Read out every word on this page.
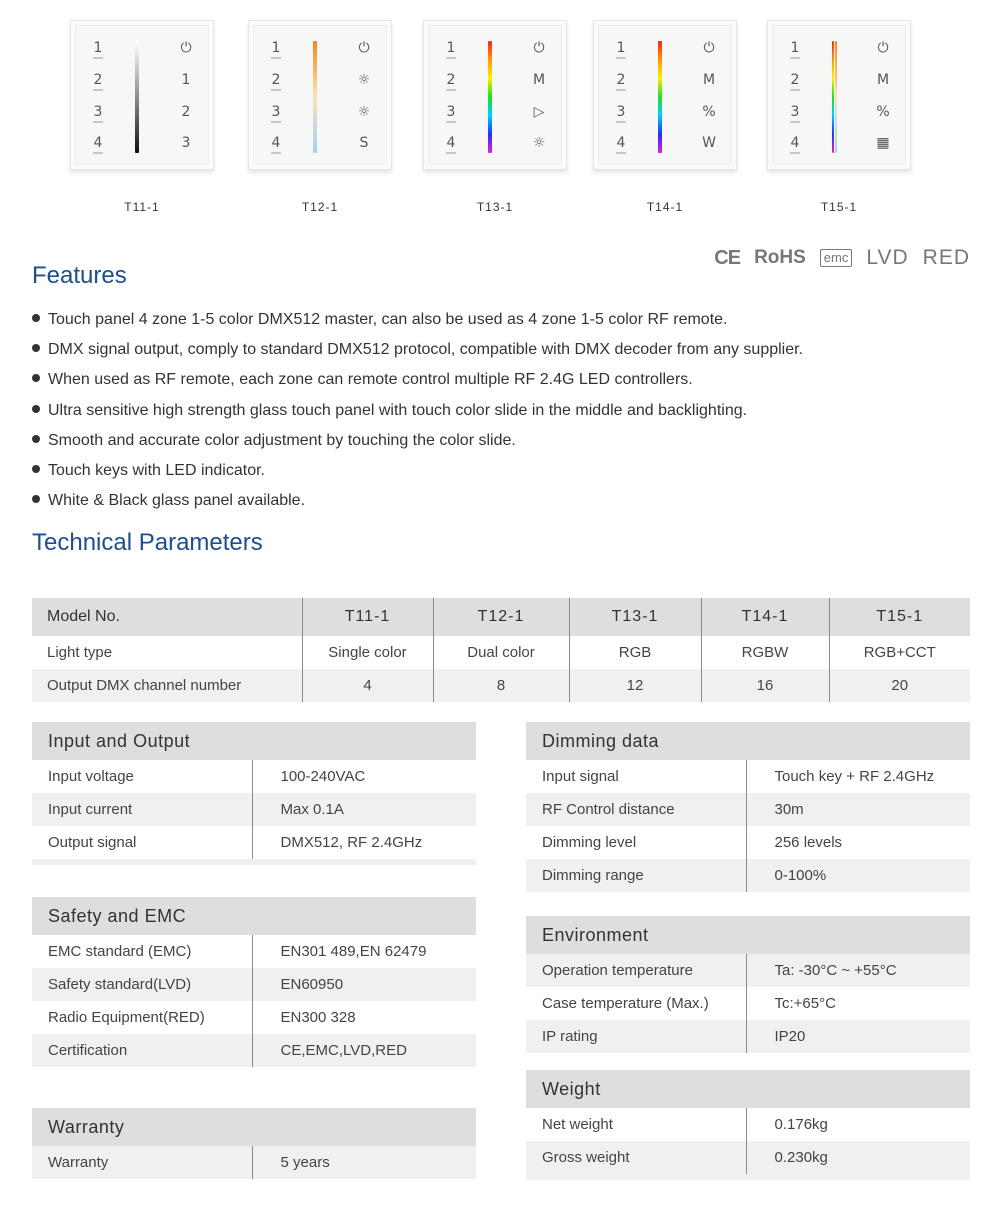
1
2
3
4
⏻
1
2
3
T11-1
1
2
3
4
⏻
☼
☼
S
T12-1
1
2
3
4
⏻
M
▷
☼
T13-1
1
2
3
4
⏻
M
%
W
T14-1
1
2
3
4
⏻
M
%
▦
T15-1
CE RoHS	emc LVD RED
Features
Touch panel 4 zone 1-5 color DMX512 master, can also be used as 4 zone 1-5 color RF remote.
DMX signal output, comply to standard DMX512 protocol, compatible with DMX decoder from any supplier.
When used as RF remote, each zone can remote control multiple RF 2.4G LED controllers.
Ultra sensitive high strength glass touch panel with touch color slide in the middle and backlighting.
Smooth and accurate color adjustment by touching the color slide.
Touch keys with LED indicator.
White & Black glass panel available.
Technical Parameters
Model No.	T11-1	T12-1	T13-1	T14-1	T15-1
Light type	Single color	Dual color	RGB	RGBW	RGB+CCT
Output DMX channel number	4	8	12	16	20
Input and Output
Input voltage	100-240VAC
Input current	Max 0.1A
Output signal	DMX512, RF 2.4GHz
Safety and EMC
EMC standard (EMC)	EN301 489,EN 62479
Safety standard(LVD)	EN60950
Radio Equipment(RED)	EN300 328
Certification	CE,EMC,LVD,RED
Warranty
Warranty	5 years
Dimming data
Input signal	Touch key + RF 2.4GHz
RF Control distance	30m
Dimming level	256 levels
Dimming range	0-100%
Environment
Operation temperature	Ta: -30°C ~ +55°C
Case temperature (Max.)	Tc:+65°C
IP rating	IP20
Weight
Net weight	0.176kg
Gross weight	0.230kg
